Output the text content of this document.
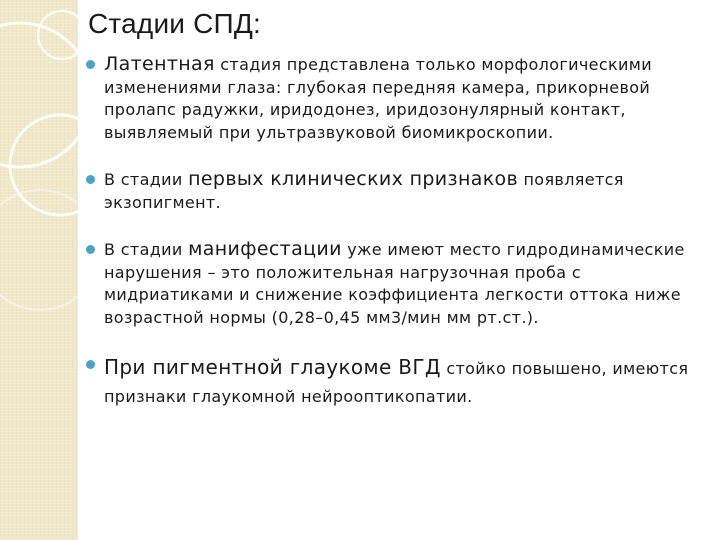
Стадии СПД:
Латентная стадия представлена только морфологическими изменениями глаза: глубокая передняя камера, прикорневой пролапс радужки, иридодонез, иридозонулярный контакт, выявляемый при ультразвуковой биомикроскопии.
В стадии первых клинических признаков появляется экзопигмент.
В стадии манифестации уже имеют место гидродинамические нарушения – это положительная нагрузочная проба с мидриатиками и снижение коэффициента легкости оттока ниже возрастной нормы (0,28–0,45 мм3/мин мм рт.ст.).
При пигментной глаукоме ВГД стойко повышено, имеются признаки глаукомной нейрооптикопатии.
